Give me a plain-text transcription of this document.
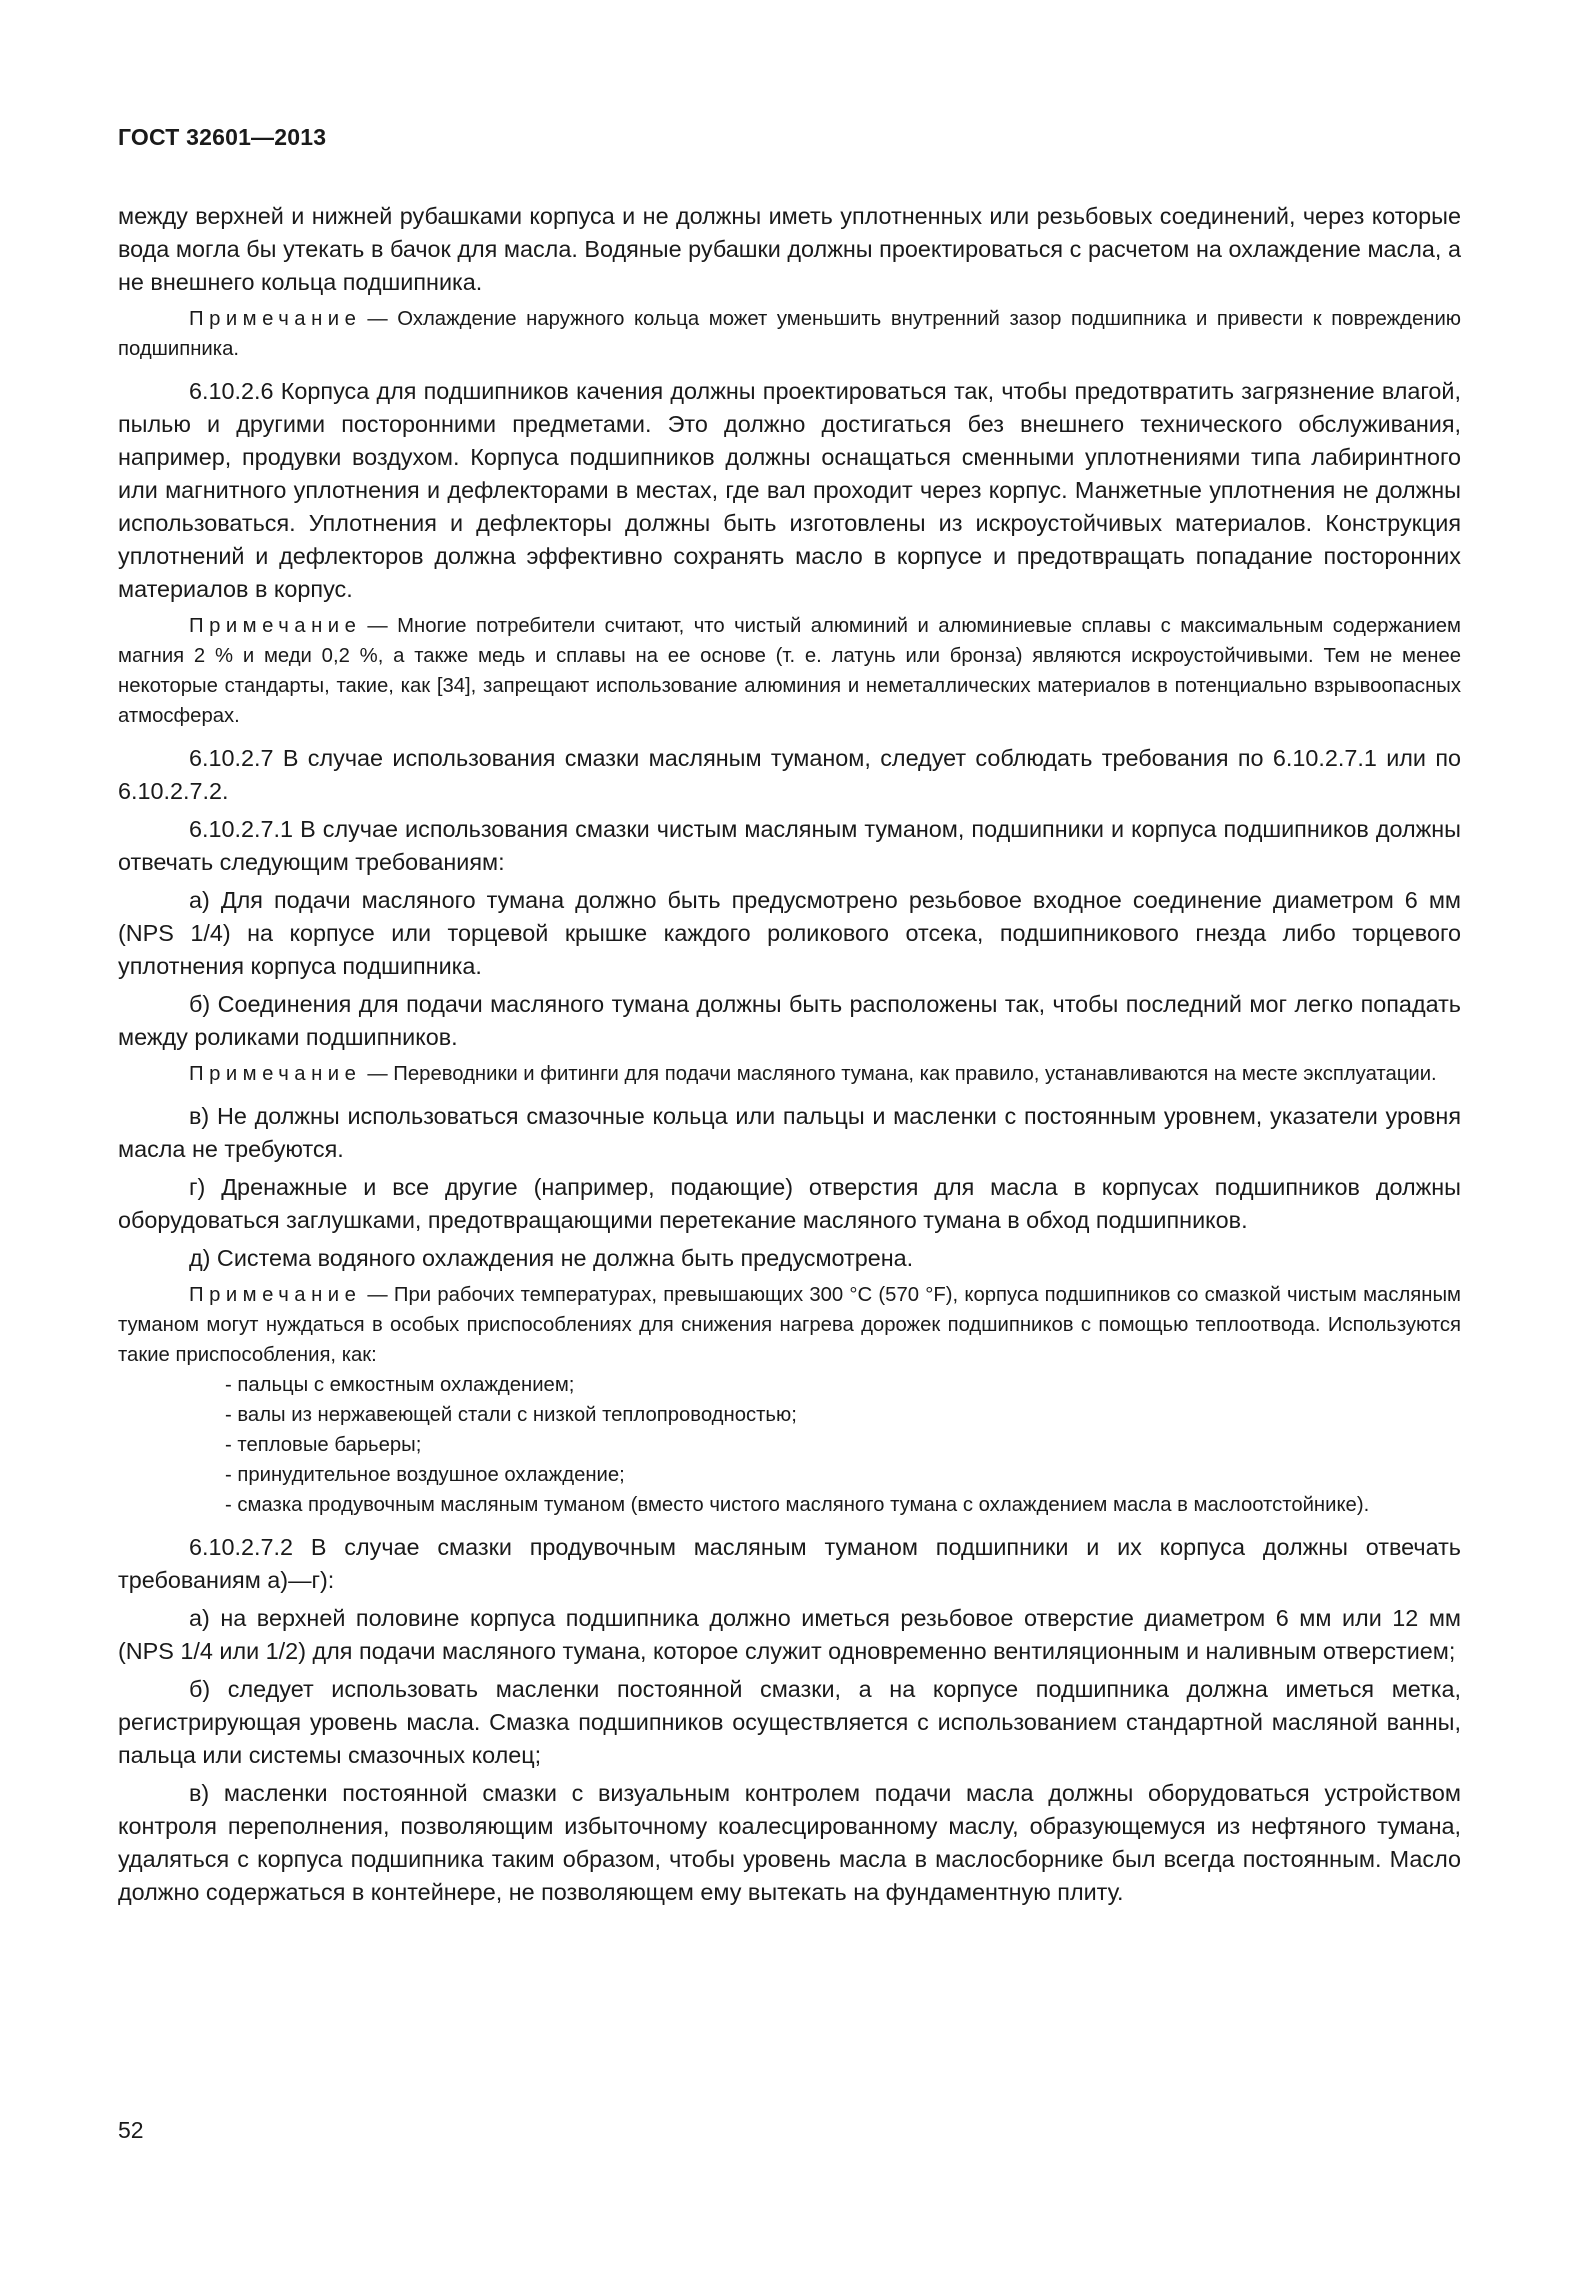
ГОСТ 32601—2013

между верхней и нижней рубашками корпуса и не должны иметь уплотненных или резьбовых соединений, через которые вода могла бы утекать в бачок для масла. Водяные рубашки должны проектироваться с расчетом на охлаждение масла, а не внешнего кольца подшипника.

Примечание — Охлаждение наружного кольца может уменьшить внутренний зазор подшипника и привести к повреждению подшипника.

6.10.2.6 Корпуса для подшипников качения должны проектироваться так, чтобы предотвратить загрязнение влагой, пылью и другими посторонними предметами. Это должно достигаться без внешнего технического обслуживания, например, продувки воздухом. Корпуса подшипников должны оснащаться сменными уплотнениями типа лабиринтного или магнитного уплотнения и дефлекторами в местах, где вал проходит через корпус. Манжетные уплотнения не должны использоваться. Уплотнения и дефлекторы должны быть изготовлены из искроустойчивых материалов. Конструкция уплотнений и дефлекторов должна эффективно сохранять масло в корпусе и предотвращать попадание посторонних материалов в корпус.

Примечание — Многие потребители считают, что чистый алюминий и алюминиевые сплавы с максимальным содержанием магния 2 % и меди 0,2 %, а также медь и сплавы на ее основе (т. е. латунь или бронза) являются искроустойчивыми. Тем не менее некоторые стандарты, такие, как [34], запрещают использование алюминия и неметаллических материалов в потенциально взрывоопасных атмосферах.

6.10.2.7 В случае использования смазки масляным туманом, следует соблюдать требования по 6.10.2.7.1 или по 6.10.2.7.2.

6.10.2.7.1 В случае использования смазки чистым масляным туманом, подшипники и корпуса подшипников должны отвечать следующим требованиям:

а) Для подачи масляного тумана должно быть предусмотрено резьбовое входное соединение диаметром 6 мм (NPS 1/4) на корпусе или торцевой крышке каждого роликового отсека, подшипникового гнезда либо торцевого уплотнения корпуса подшипника.

б) Соединения для подачи масляного тумана должны быть расположены так, чтобы последний мог легко попадать между роликами подшипников.

Примечание — Переводники и фитинги для подачи масляного тумана, как правило, устанавливаются на месте эксплуатации.

в) Не должны использоваться смазочные кольца или пальцы и масленки с постоянным уровнем, указатели уровня масла не требуются.

г) Дренажные и все другие (например, подающие) отверстия для масла в корпусах подшипников должны оборудоваться заглушками, предотвращающими перетекание масляного тумана в обход подшипников.

д) Система водяного охлаждения не должна быть предусмотрена.

Примечание — При рабочих температурах, превышающих 300 °С (570 °F), корпуса подшипников со смазкой чистым масляным туманом могут нуждаться в особых приспособлениях для снижения нагрева дорожек подшипников с помощью теплоотвода. Используются такие приспособления, как:

- пальцы с емкостным охлаждением;

- валы из нержавеющей стали с низкой теплопроводностью;

- тепловые барьеры;

- принудительное воздушное охлаждение;

- смазка продувочным масляным туманом (вместо чистого масляного тумана с охлаждением масла в маслоотстойнике).

6.10.2.7.2 В случае смазки продувочным масляным туманом подшипники и их корпуса должны отвечать требованиям а)—г):

а) на верхней половине корпуса подшипника должно иметься резьбовое отверстие диаметром 6 мм или 12 мм (NPS 1/4 или 1/2) для подачи масляного тумана, которое служит одновременно вентиляционным и наливным отверстием;

б) следует использовать масленки постоянной смазки, а на корпусе подшипника должна иметься метка, регистрирующая уровень масла. Смазка подшипников осуществляется с использованием стандартной масляной ванны, пальца или системы смазочных колец;

в) масленки постоянной смазки с визуальным контролем подачи масла должны оборудоваться устройством контроля переполнения, позволяющим избыточному коалесцированному маслу, образующемуся из нефтяного тумана, удаляться с корпуса подшипника таким образом, чтобы уровень масла в маслосборнике был всегда постоянным. Масло должно содержаться в контейнере, не позволяющем ему вытекать на фундаментную плиту.

52
